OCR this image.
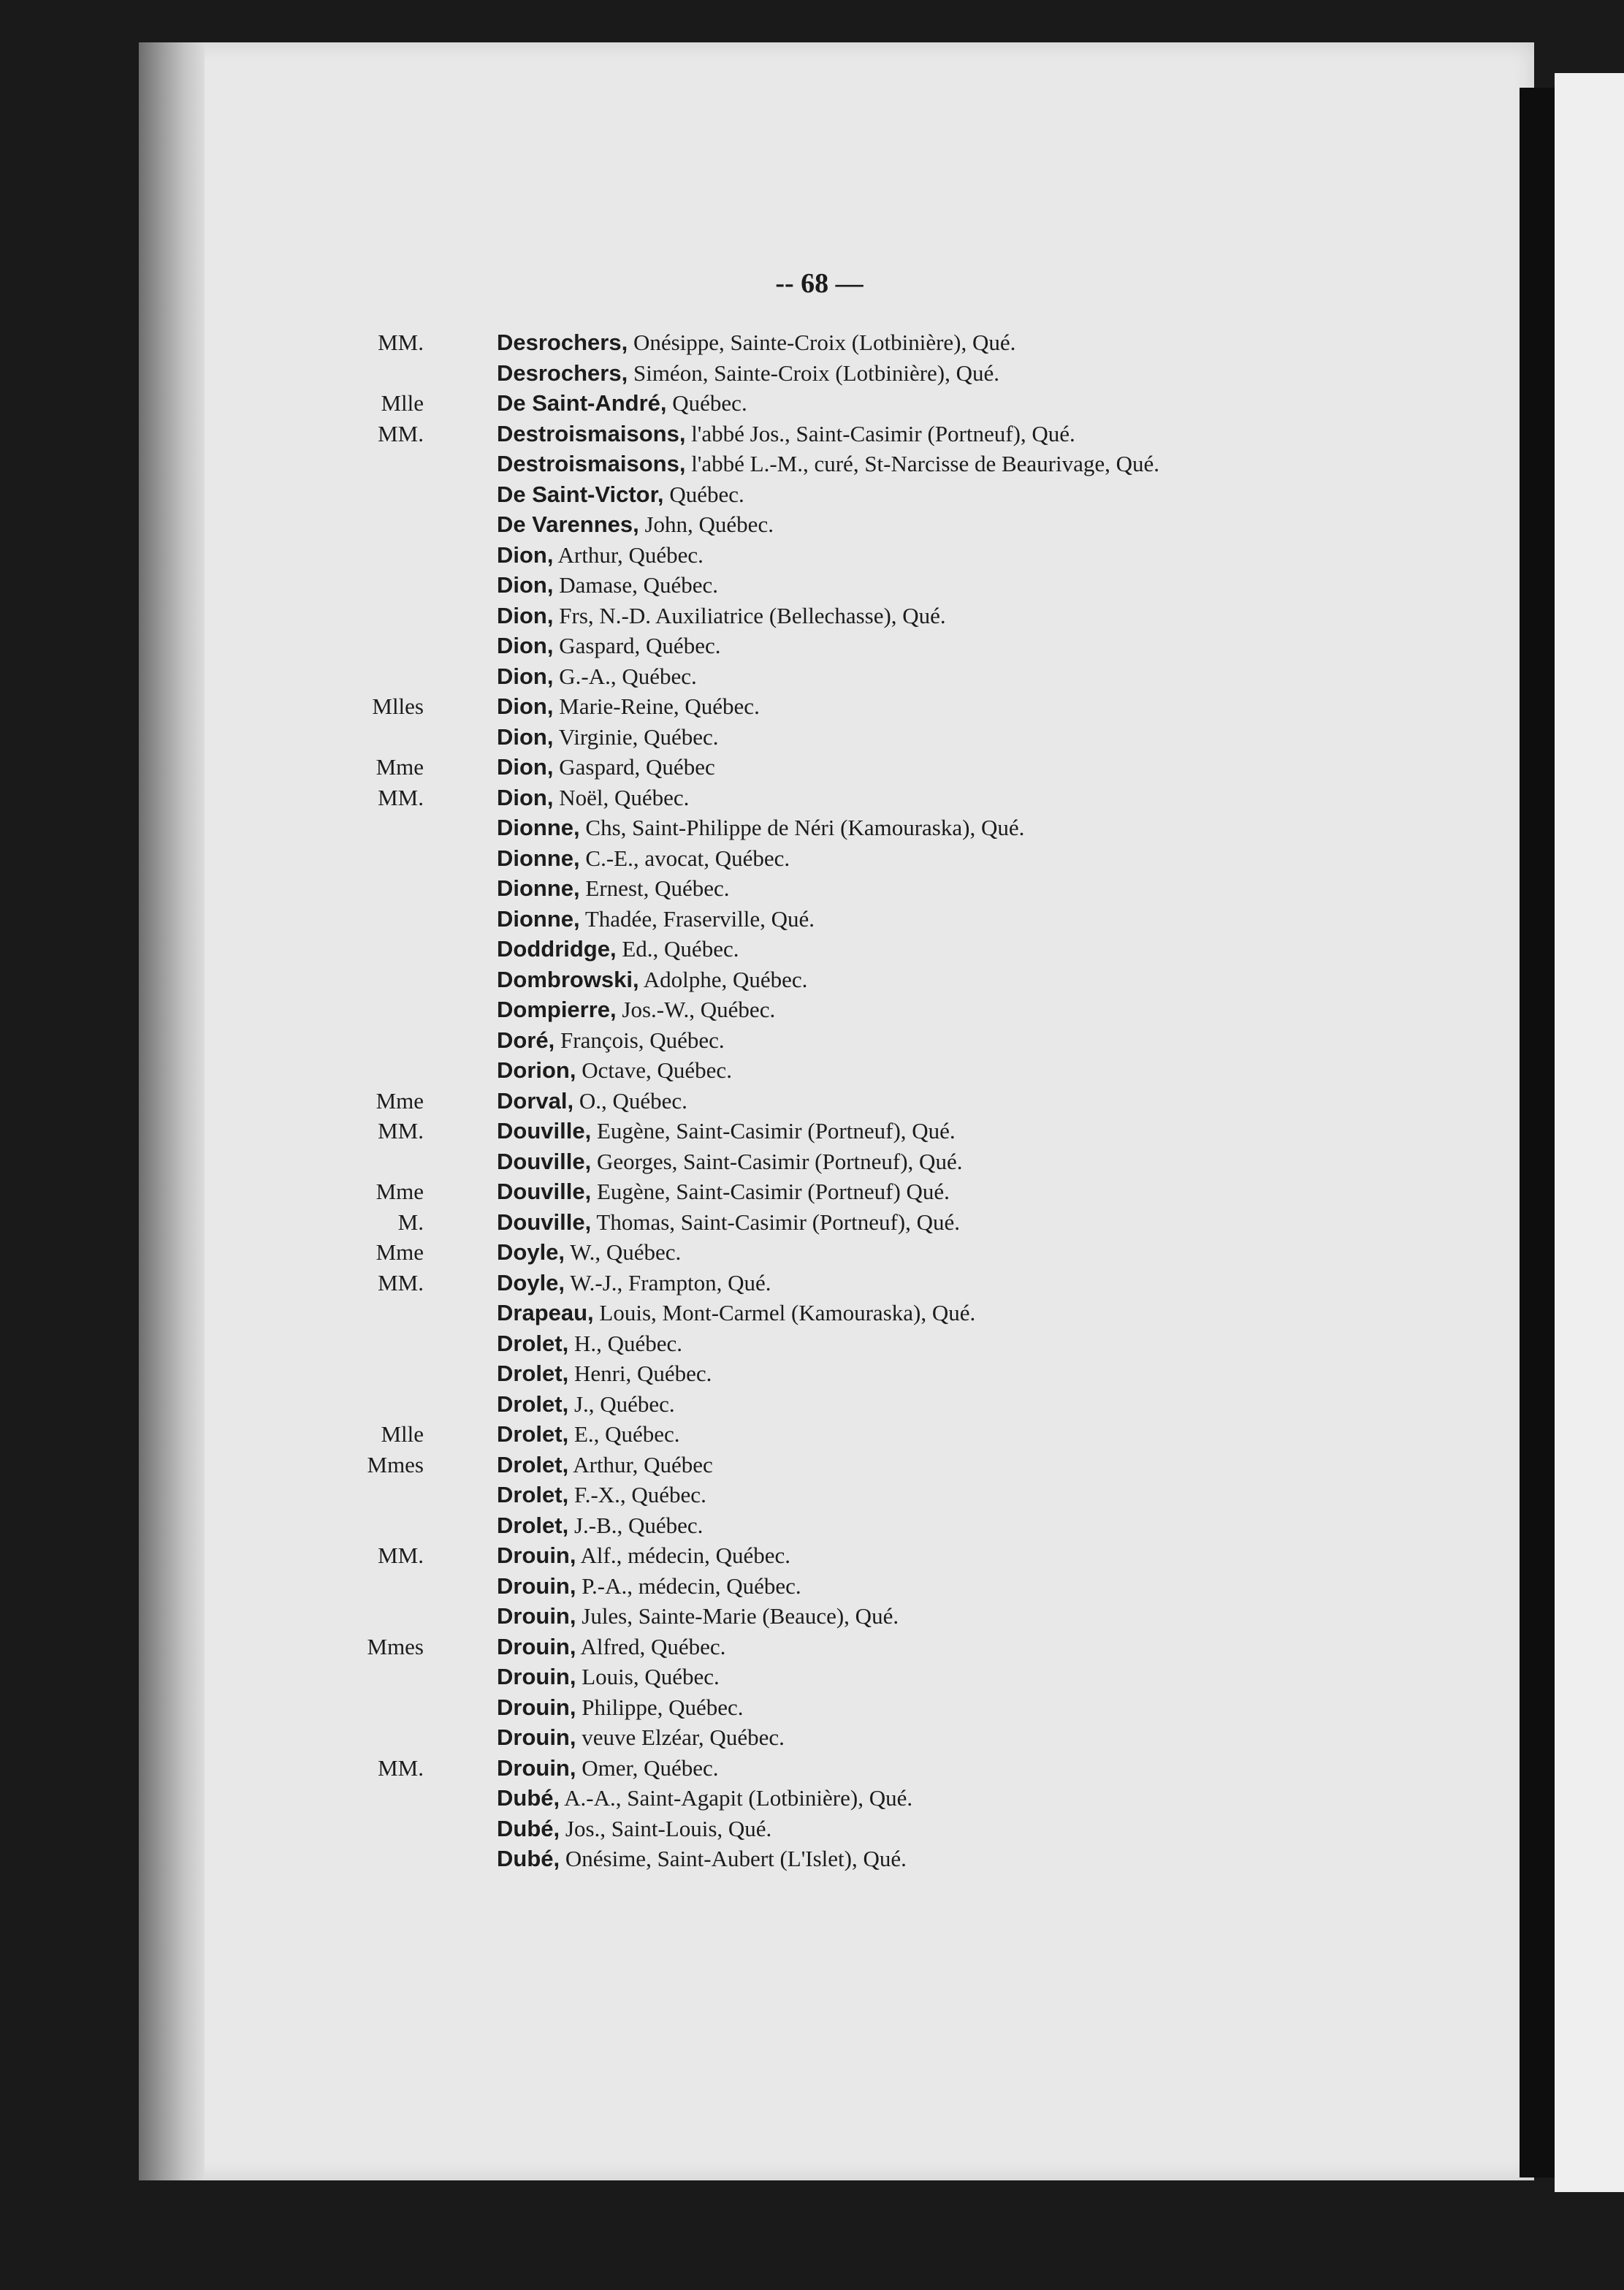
-- 68 —
MM.	Desrochers, Onésippe, Sainte-Croix (Lotbinière), Qué.
Desrochers, Siméon, Sainte-Croix (Lotbinière), Qué.
Mlle	De Saint-André, Québec.
MM.	Destroismaisons, l'abbé Jos., Saint-Casimir (Portneuf), Qué.
Destroismaisons, l'abbé L.-M., curé, St-Narcisse de Beaurivage, Qué.
De Saint-Victor, Québec.
De Varennes, John, Québec.
Dion, Arthur, Québec.
Dion, Damase, Québec.
Dion, Frs, N.-D. Auxiliatrice (Bellechasse), Qué.
Dion, Gaspard, Québec.
Dion, G.-A., Québec.
Mlles	Dion, Marie-Reine, Québec.
Dion, Virginie, Québec.
Mme	Dion, Gaspard, Québec
MM.	Dion, Noël, Québec.
Dionne, Chs, Saint-Philippe de Néri (Kamouraska), Qué.
Dionne, C.-E., avocat, Québec.
Dionne, Ernest, Québec.
Dionne, Thadée, Fraserville, Qué.
Doddridge, Ed., Québec.
Dombrowski, Adolphe, Québec.
Dompierre, Jos.-W., Québec.
Doré, François, Québec.
Dorion, Octave, Québec.
Mme	Dorval, O., Québec.
MM.	Douville, Eugène, Saint-Casimir (Portneuf), Qué.
Douville, Georges, Saint-Casimir (Portneuf), Qué.
Mme	Douville, Eugène, Saint-Casimir (Portneuf) Qué.
M.	Douville, Thomas, Saint-Casimir (Portneuf), Qué.
Mme	Doyle, W., Québec.
MM.	Doyle, W.-J., Frampton, Qué.
Drapeau, Louis, Mont-Carmel (Kamouraska), Qué.
Drolet, H., Québec.
Drolet, Henri, Québec.
Drolet, J., Québec.
Mlle	Drolet, E., Québec.
Mmes	Drolet, Arthur, Québec
Drolet, F.-X., Québec.
Drolet, J.-B., Québec.
MM.	Drouin, Alf., médecin, Québec.
Drouin, P.-A., médecin, Québec.
Drouin, Jules, Sainte-Marie (Beauce), Qué.
Mmes	Drouin, Alfred, Québec.
Drouin, Louis, Québec.
Drouin, Philippe, Québec.
Drouin, veuve Elzéar, Québec.
MM.	Drouin, Omer, Québec.
Dubé, A.-A., Saint-Agapit (Lotbinière), Qué.
Dubé, Jos., Saint-Louis, Qué.
Dubé, Onésime, Saint-Aubert (L'Islet), Qué.
